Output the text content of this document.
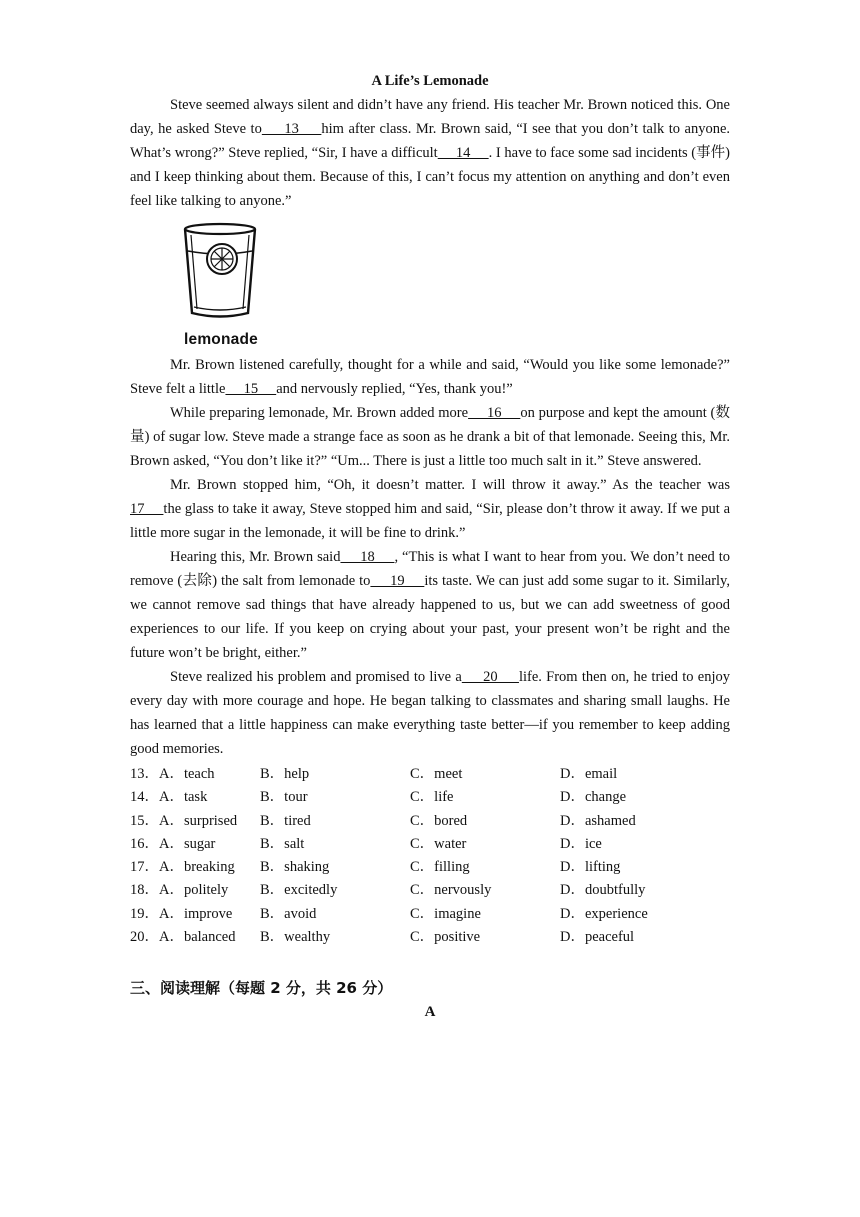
A Life’s Lemonade

Steve seemed always silent and didn’t have any friend. His teacher Mr. Brown noticed this. One day, he asked Steve to     13     him after class. Mr. Brown said, “I see that you don’t talk to anyone. What’s wrong?” Steve replied, “Sir, I have a difficult     14     . I have to face some sad incidents (事件) and I keep thinking about them. Because of this, I can’t focus my attention on anything and don’t even feel like talking to anyone.”

lemonade

Mr. Brown listened carefully, thought for a while and said, “Would you like some lemonade?” Steve felt a little     15     and nervously replied, “Yes, thank you!”

While preparing lemonade, Mr. Brown added more     16     on purpose and kept the amount (数量) of sugar low. Steve made a strange face as soon as he drank a bit of that lemonade. Seeing this, Mr. Brown asked, “You don’t like it?” “Um... There is just a little too much salt in it.” Steve answered.

Mr. Brown stopped him, “Oh, it doesn’t matter. I will throw it away.” As the teacher was 17     the glass to take it away, Steve stopped him and said, “Sir, please don’t throw it away. If we put a little more sugar in the lemonade, it will be fine to drink.”

Hearing this, Mr. Brown said     18     , “This is what I want to hear from you. We don’t need to remove (去除) the salt from lemonade to     19     its taste. We can just add some sugar to it. Similarly, we cannot remove sad things that have already happened to us, but we can add sweetness of good experiences to our life. If you keep on crying about your past, your present won’t be right and the future won’t be bright, either.”

Steve realized his problem and promised to live a     20     life. From then on, he tried to enjoy every day with more courage and hope. He began talking to classmates and sharing small laughs. He has learned that a little happiness can make everything taste better—if you remember to keep adding good memories.

13．A．teach	B．help	C．meet	D．email
14．A．task	B．tour	C．life	D．change
15．A．surprised	B．tired	C．bored	D．ashamed
16．A．sugar	B．salt	C．water	D．ice
17．A．breaking	B．shaking	C．filling	D．lifting
18．A．politely	B．excitedly	C．nervously	D．doubtfully
19．A．improve	B．avoid	C．imagine	D．experience
20．A．balanced	B．wealthy	C．positive	D．peaceful
三、阅读理解（每题 2 分，共 26 分）
A
